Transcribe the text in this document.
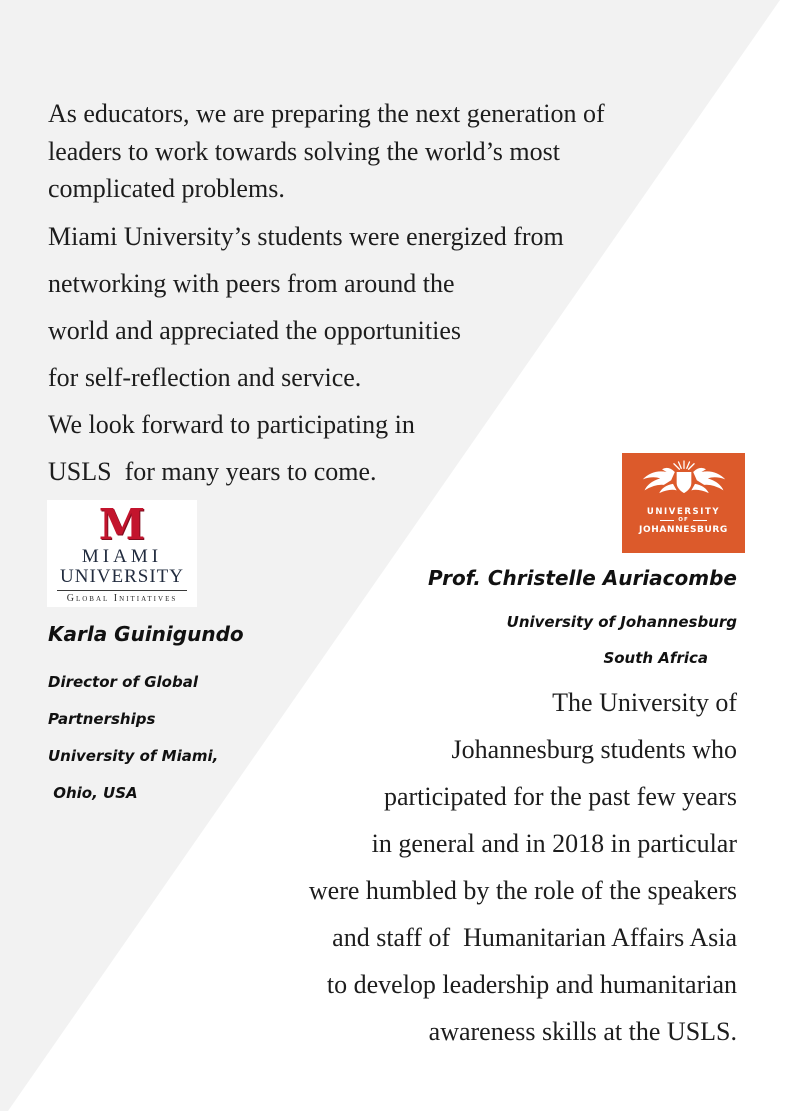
As educators, we are preparing the next generation of
leaders to work towards solving the world’s most
complicated problems.
Miami University’s students were energized from
networking with peers from around the
world and appreciated the opportunities
for self-reflection and service.
We look forward to participating in
USLS  for many years to come.
M
MIAMI
UNIVERSITY
Global Initiatives
Karla Guinigundo
Director of Global
Partnerships
University of Miami,
Ohio, USA
UNIVERSITY
OF
JOHANNESBURG
Prof. Christelle Auriacombe
University of Johannesburg
South Africa
The University of
Johannesburg students who
participated for the past few years
in general and in 2018 in particular
were humbled by the role of the speakers
and staff of  Humanitarian Affairs Asia
to develop leadership and humanitarian
awareness skills at the USLS.
